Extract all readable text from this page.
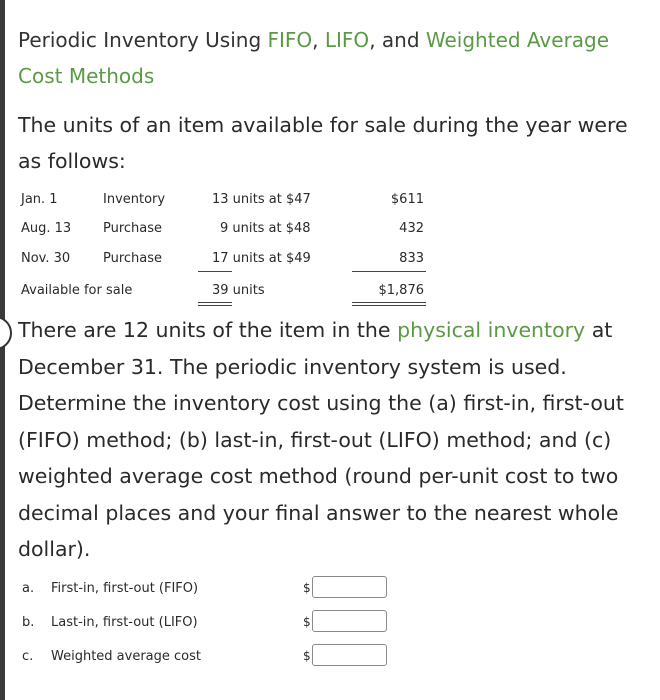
Periodic Inventory Using FIFO, LIFO, and Weighted Average Cost Methods
The units of an item available for sale during the year were as follows:
Jan. 1	Inventory	13 units at $47	$611
Aug. 13 Purchase	9 units at $48	432
Nov. 30	Purchase	17 units at $49	833
Available for sale	39 units	$1,876
There are 12 units of the item in the physical inventory at December 31. The periodic inventory system is used. Determine the inventory cost using the (a) first-in, first-out (FIFO) method; (b) last-in, first-out (LIFO) method; and (c) weighted average cost method (round per-unit cost to two decimal places and your final answer to the nearest whole dollar).
a. First-in, first-out (FIFO)	$
b. Last-in, first-out (LIFO)	$
c. Weighted average cost	$
